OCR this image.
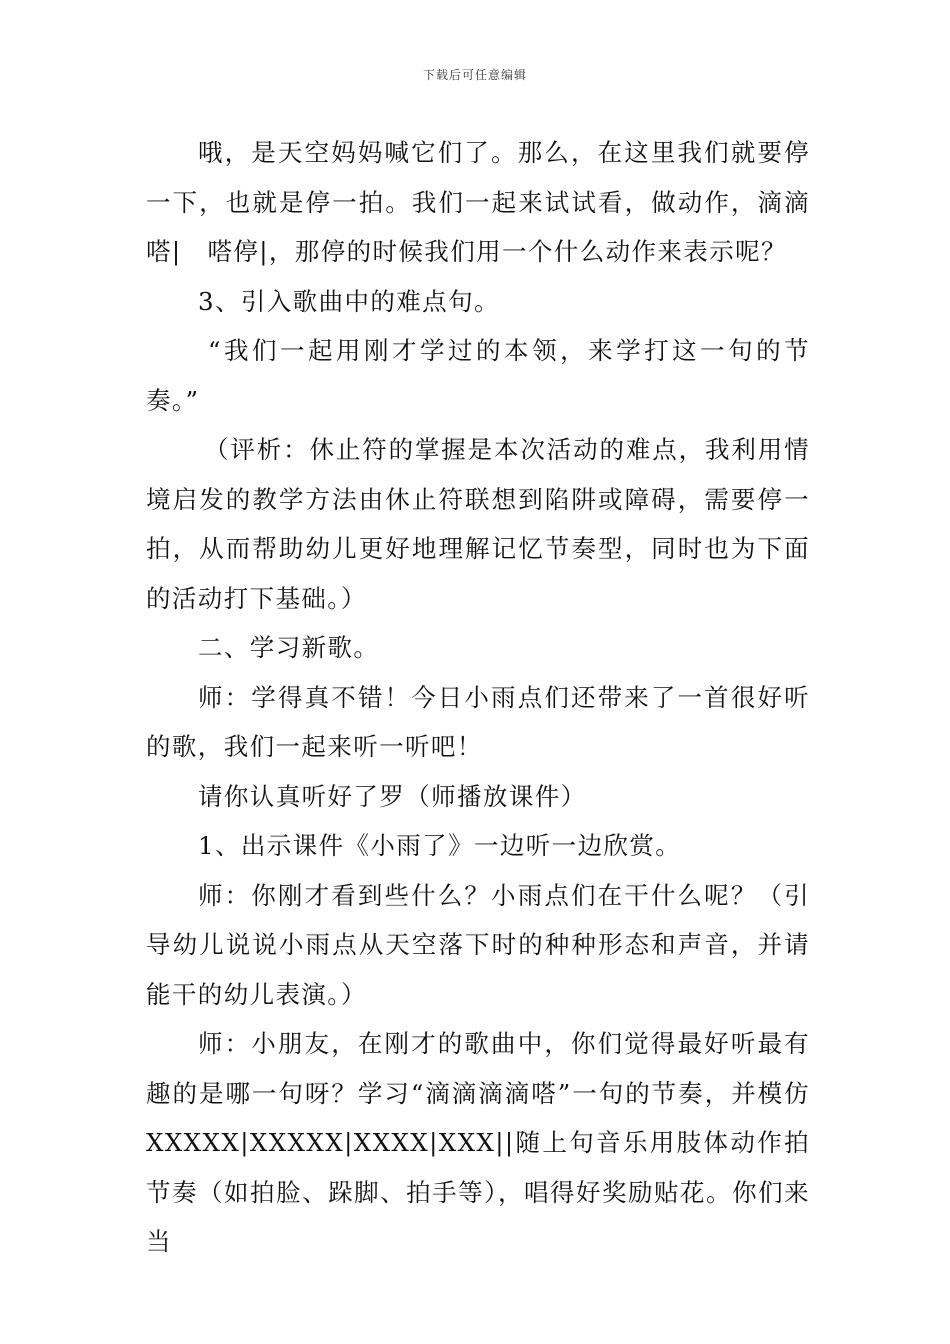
下载后可任意编辑

哦，是天空妈妈喊它们了。那么，在这里我们就要停一下，也就是停一拍。我们一起来试试看，做动作，滴滴嗒|　嗒停|，那停的时候我们用一个什么动作来表示呢？

3、引入歌曲中的难点句。

“我们一起用刚才学过的本领，来学打这一句的节奏。”

（评析：休止符的掌握是本次活动的难点，我利用情境启发的教学方法由休止符联想到陷阱或障碍，需要停一拍，从而帮助幼儿更好地理解记忆节奏型，同时也为下面的活动打下基础。）

二、学习新歌。

师：学得真不错！今日小雨点们还带来了一首很好听的歌，我们一起来听一听吧！

请你认真听好了罗（师播放课件）

1、出示课件《小雨了》一边听一边欣赏。

师：你刚才看到些什么？小雨点们在干什么呢？（引导幼儿说说小雨点从天空落下时的种种形态和声音，并请能干的幼儿表演。）

师：小朋友，在刚才的歌曲中，你们觉得最好听最有趣的是哪一句呀？学习“滴滴滴滴嗒”一句的节奏，并模仿XXXXX|XXXXX|XXXX|XXX||随上句音乐用肢体动作拍节奏（如拍脸、跺脚、拍手等），唱得好奖励贴花。你们来当
